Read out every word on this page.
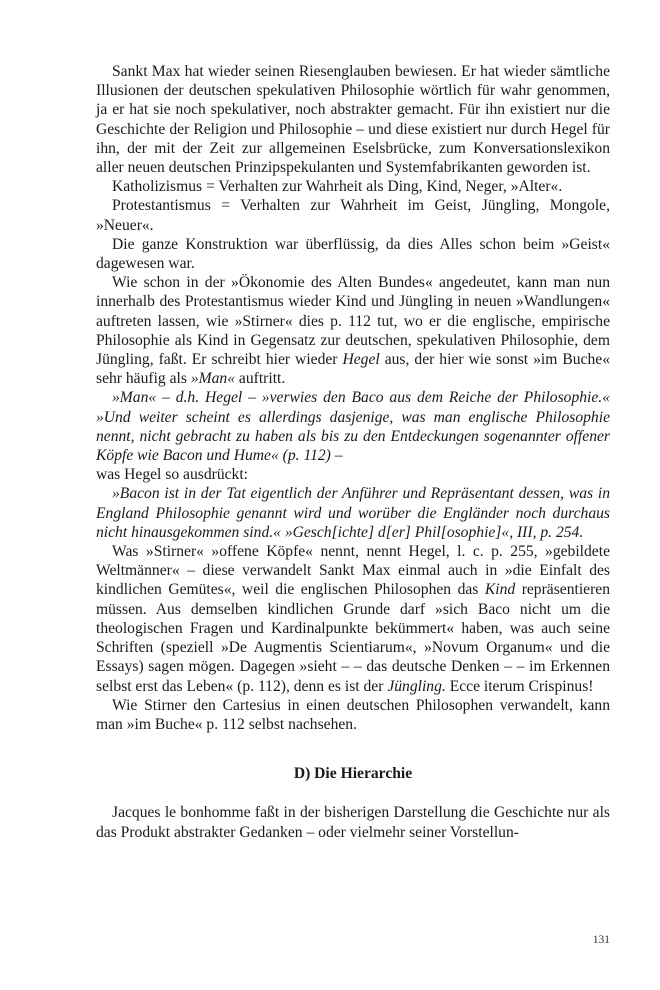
Sankt Max hat wieder seinen Riesenglauben bewiesen. Er hat wieder sämtliche Illusionen der deutschen spekulativen Philosophie wörtlich für wahr genommen, ja er hat sie noch spekulativer, noch abstrakter gemacht. Für ihn existiert nur die Geschichte der Religion und Philosophie – und diese existiert nur durch Hegel für ihn, der mit der Zeit zur allgemeinen Eselsbrücke, zum Konversationslexikon aller neuen deutschen Prinzipspekulanten und Systemfabrikanten geworden ist.

Katholizismus = Verhalten zur Wahrheit als Ding, Kind, Neger, »Alter«.

Protestantismus = Verhalten zur Wahrheit im Geist, Jüngling, Mongole, »Neuer«.

Die ganze Konstruktion war überflüssig, da dies Alles schon beim »Geist« dagewesen war.

Wie schon in der »Ökonomie des Alten Bundes« angedeutet, kann man nun innerhalb des Protestantismus wieder Kind und Jüngling in neuen »Wandlungen« auftreten lassen, wie »Stirner« dies p. 112 tut, wo er die englische, empirische Philosophie als Kind in Gegensatz zur deutschen, spekulativen Philosophie, dem Jüngling, faßt. Er schreibt hier wieder Hegel aus, der hier wie sonst »im Buche« sehr häufig als »Man« auftritt.

»Man« – d.h. Hegel – »verwies den Baco aus dem Reiche der Philosophie.« »Und weiter scheint es allerdings dasjenige, was man englische Philosophie nennt, nicht gebracht zu haben als bis zu den Entdeckungen sogenannter offener Köpfe wie Bacon und Hume« (p. 112) –

was Hegel so ausdrückt:

»Bacon ist in der Tat eigentlich der Anführer und Repräsentant dessen, was in England Philosophie genannt wird und worüber die Engländer noch durchaus nicht hinausgekommen sind.« »Gesch[ichte] d[er] Phil[osophie]«, III, p. 254.

Was »Stirner« »offene Köpfe« nennt, nennt Hegel, l. c. p. 255, »gebildete Weltmänner« – diese verwandelt Sankt Max einmal auch in »die Einfalt des kindlichen Gemütes«, weil die englischen Philosophen das Kind repräsentieren müssen. Aus demselben kindlichen Grunde darf »sich Baco nicht um die theologischen Fragen und Kardinalpunkte bekümmert« haben, was auch seine Schriften (speziell »De Augmentis Scientiarum«, »Novum Organum« und die Essays) sagen mögen. Dagegen »sieht – – das deutsche Denken – – im Erkennen selbst erst das Leben« (p. 112), denn es ist der Jüngling. Ecce iterum Crispinus!

Wie Stirner den Cartesius in einen deutschen Philosophen verwandelt, kann man »im Buche« p. 112 selbst nachsehen.

D) Die Hierarchie

Jacques le bonhomme faßt in der bisherigen Darstellung die Geschichte nur als das Produkt abstrakter Gedanken – oder vielmehr seiner Vorstellun-

131
